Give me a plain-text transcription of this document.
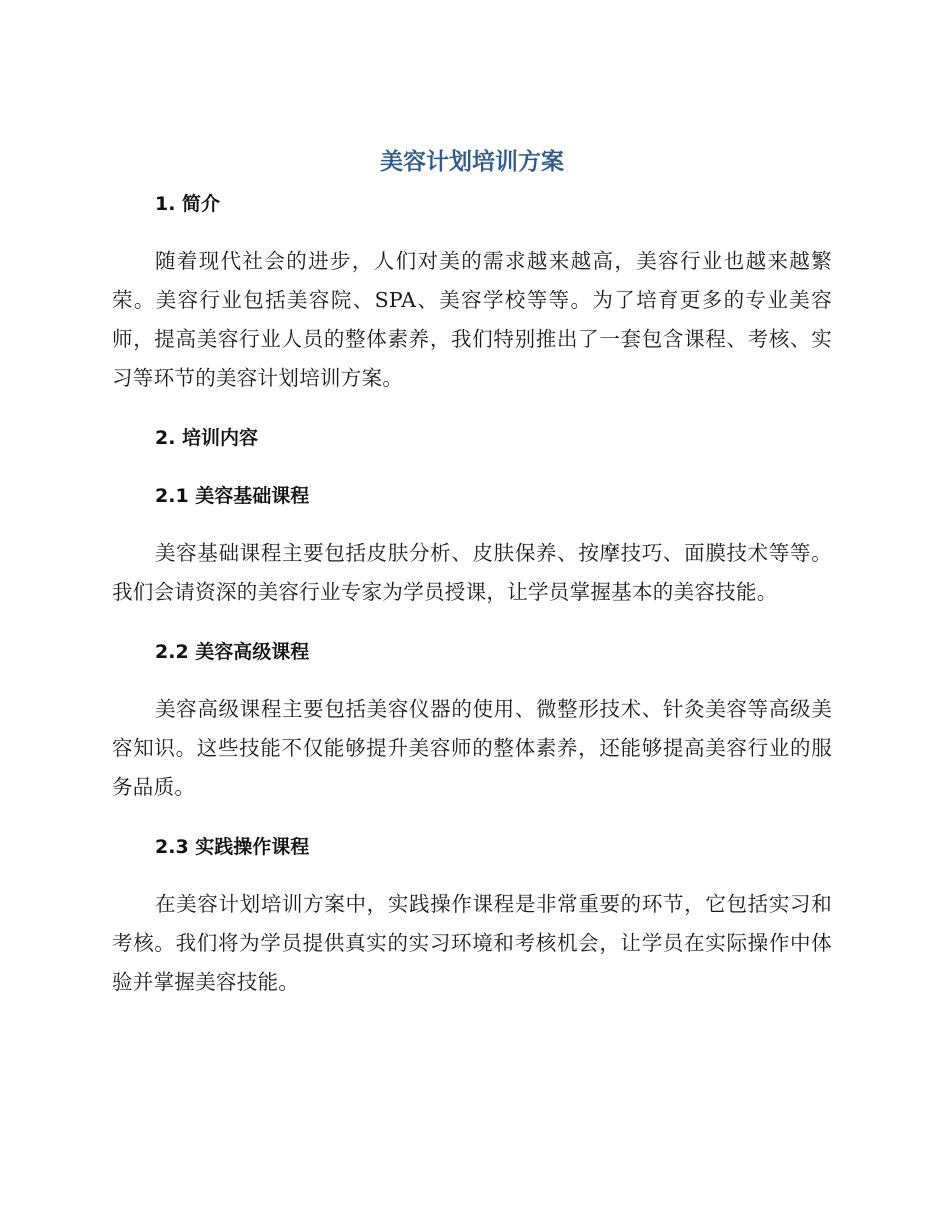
美容计划培训方案
1. 简介

随着现代社会的进步，人们对美的需求越来越高，美容行业也越来越繁荣。美容行业包括美容院、SPA、美容学校等等。为了培育更多的专业美容师，提高美容行业人员的整体素养，我们特别推出了一套包含课程、考核、实习等环节的美容计划培训方案。

2. 培训内容
2.1 美容基础课程

美容基础课程主要包括皮肤分析、皮肤保养、按摩技巧、面膜技术等等。我们会请资深的美容行业专家为学员授课，让学员掌握基本的美容技能。

2.2 美容高级课程

美容高级课程主要包括美容仪器的使用、微整形技术、针灸美容等高级美容知识。这些技能不仅能够提升美容师的整体素养，还能够提高美容行业的服务品质。

2.3 实践操作课程

在美容计划培训方案中，实践操作课程是非常重要的环节，它包括实习和考核。我们将为学员提供真实的实习环境和考核机会，让学员在实际操作中体验并掌握美容技能。
